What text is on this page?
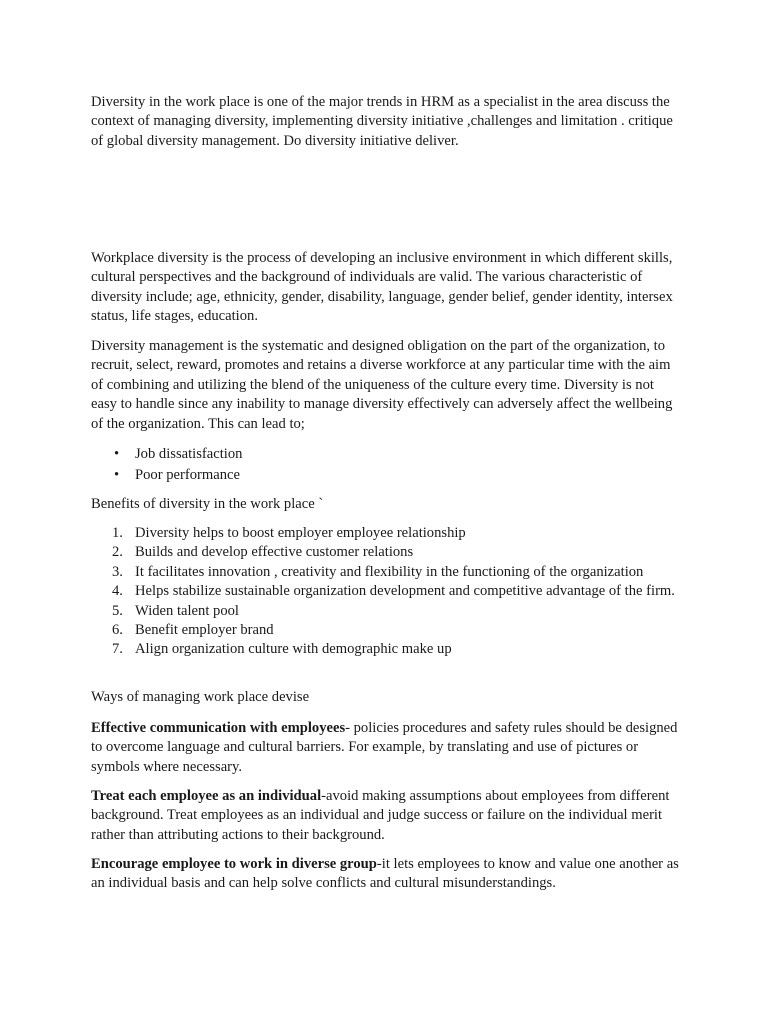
Diversity in the work place is one of the major trends in HRM as a specialist in the area discuss the context of managing diversity, implementing diversity initiative ,challenges and limitation . critique of global diversity management. Do diversity initiative deliver.

Workplace diversity is the process of developing an inclusive environment in which different skills, cultural perspectives and the background of individuals are valid. The various characteristic of diversity include; age, ethnicity, gender, disability, language, gender belief, gender identity, intersex status, life stages, education.

Diversity management is the systematic and designed obligation on the part of the organization, to recruit, select, reward, promotes and retains a diverse workforce at any particular time with the aim of combining and utilizing the blend of the uniqueness of the culture every time. Diversity is not easy to handle since any inability to manage diversity effectively can adversely affect the wellbeing of the organization. This can lead to;

• Job dissatisfaction
• Poor performance

Benefits of diversity in the work place `

1. Diversity helps to boost employer employee relationship
2. Builds and develop effective customer relations
3. It facilitates innovation , creativity and flexibility in the functioning of the organization
4. Helps stabilize sustainable organization development and competitive advantage of the firm.
5. Widen talent pool
6. Benefit employer brand
7. Align organization culture with demographic make up

Ways of managing work place devise

Effective communication with employees- policies procedures and safety rules should be designed to overcome language and cultural barriers. For example, by translating and use of pictures or symbols where necessary.

Treat each employee as an individual-avoid making assumptions about employees from different background. Treat employees as an individual and judge success or failure on the individual merit rather than attributing actions to their background.

Encourage employee to work in diverse group-it lets employees to know and value one another as an individual basis and can help solve conflicts and cultural misunderstandings.
